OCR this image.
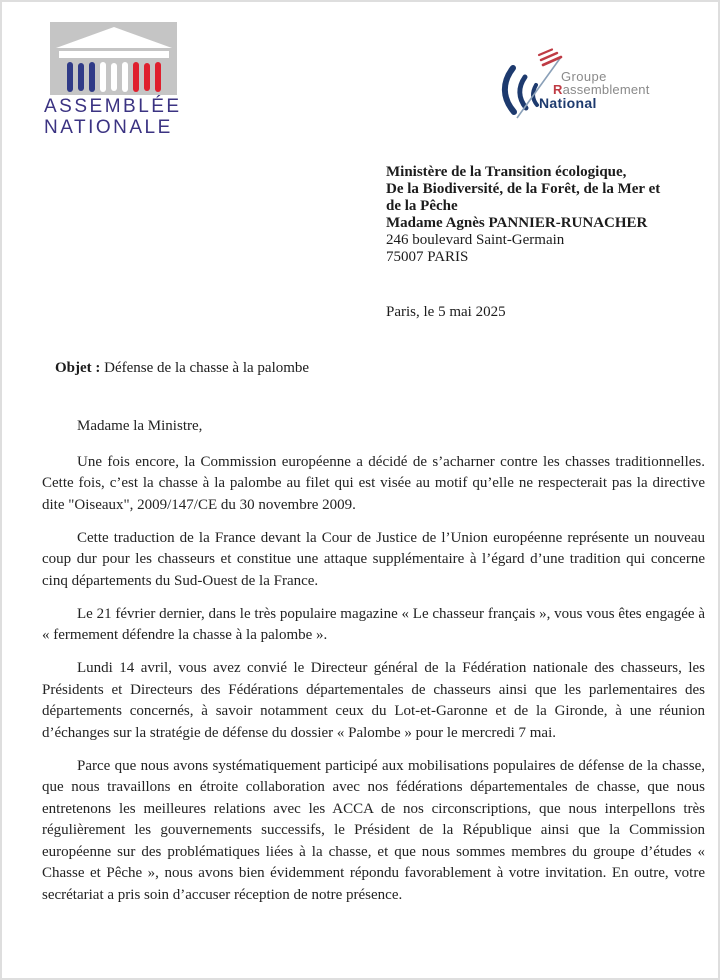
ASSEMBLÉE
NATIONALE
Groupe
Rassemblement
National
Ministère de la Transition écologique,
De la Biodiversité, de la Forêt, de la Mer et
de la Pêche
Madame Agnès PANNIER-RUNACHER
246 boulevard Saint-Germain
75007 PARIS
Paris, le 5 mai 2025
Objet : Défense de la chasse à la palombe

Madame la Ministre,

Une fois encore, la Commission européenne a décidé de s’acharner contre les chasses traditionnelles. Cette fois, c’est la chasse à la palombe au filet qui est visée au motif qu’elle ne respecterait pas la directive dite "Oiseaux", 2009/147/CE du 30 novembre 2009.

Cette traduction de la France devant la Cour de Justice de l’Union européenne représente un nouveau coup dur pour les chasseurs et constitue une attaque supplémentaire à l’égard d’une tradition qui concerne cinq départements du Sud-Ouest de la France.

Le 21 février dernier, dans le très populaire magazine « Le chasseur français », vous vous êtes engagée à « fermement défendre la chasse à la palombe ».

Lundi 14 avril, vous avez convié le Directeur général de la Fédération nationale des chasseurs, les Présidents et Directeurs des Fédérations départementales de chasseurs ainsi que les parlementaires des départements concernés, à savoir notamment ceux du Lot-et-Garonne et de la Gironde, à une réunion d’échanges sur la stratégie de défense du dossier « Palombe » pour le mercredi 7 mai.

Parce que nous avons systématiquement participé aux mobilisations populaires de défense de la chasse, que nous travaillons en étroite collaboration avec nos fédérations départementales de chasse, que nous entretenons les meilleures relations avec les ACCA de nos circonscriptions, que nous interpellons très régulièrement les gouvernements successifs, le Président de la République ainsi que la Commission européenne sur des problématiques liées à la chasse, et que nous sommes membres du groupe d’études « Chasse et Pêche », nous avons bien évidemment répondu favorablement à votre invitation. En outre, votre secrétariat a pris soin d’accuser réception de notre présence.
